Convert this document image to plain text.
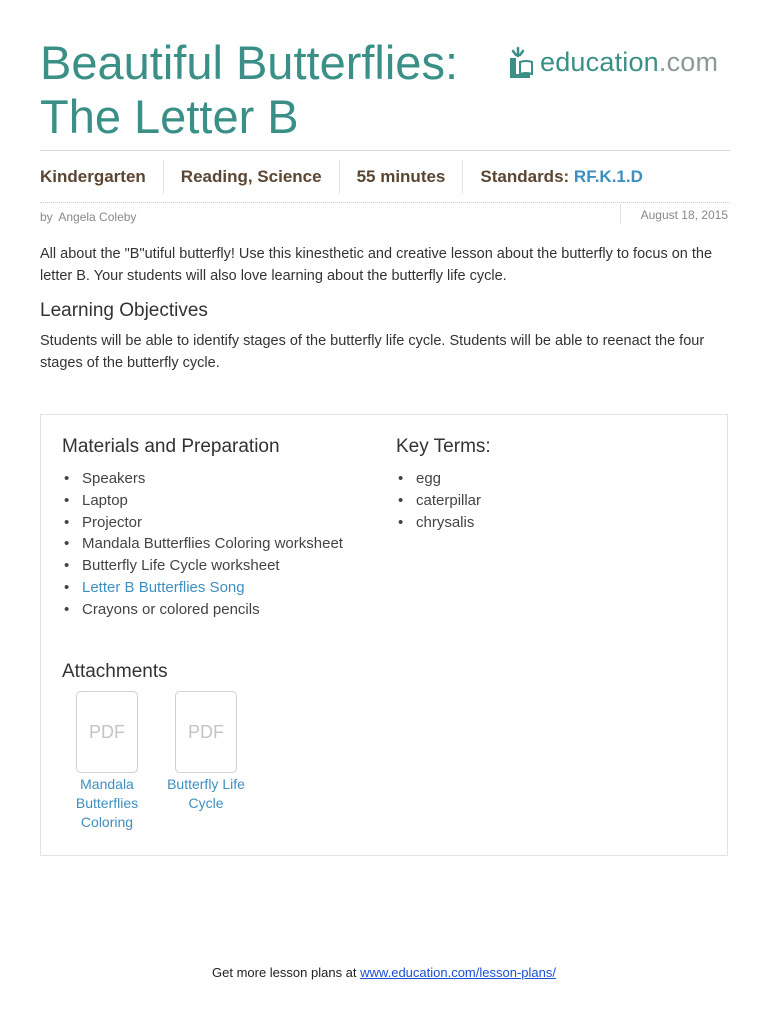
Beautiful Butterflies:
The Letter B
education.com
Kindergarten	Reading, Science	55 minutes	Standards: RF.K.1.D
by Angela Coleby	August 18, 2015

All about the "B"utiful butterfly! Use this kinesthetic and creative lesson about the butterfly to focus on the letter B. Your students will also love learning about the butterfly life cycle.

Learning Objectives

Students will be able to identify stages of the butterfly life cycle. Students will be able to reenact the four stages of the butterfly cycle.

Materials and Preparation
• Speakers
• Laptop
• Projector
• Mandala Butterflies Coloring worksheet
• Butterfly Life Cycle worksheet
• Letter B Butterflies Song
• Crayons or colored pencils
Key Terms:
• egg
• caterpillar
• chrysalis
Attachments
PDF
Mandala Butterflies Coloring
PDF
Butterfly Life Cycle
Get more lesson plans at www.education.com/lesson-plans/
